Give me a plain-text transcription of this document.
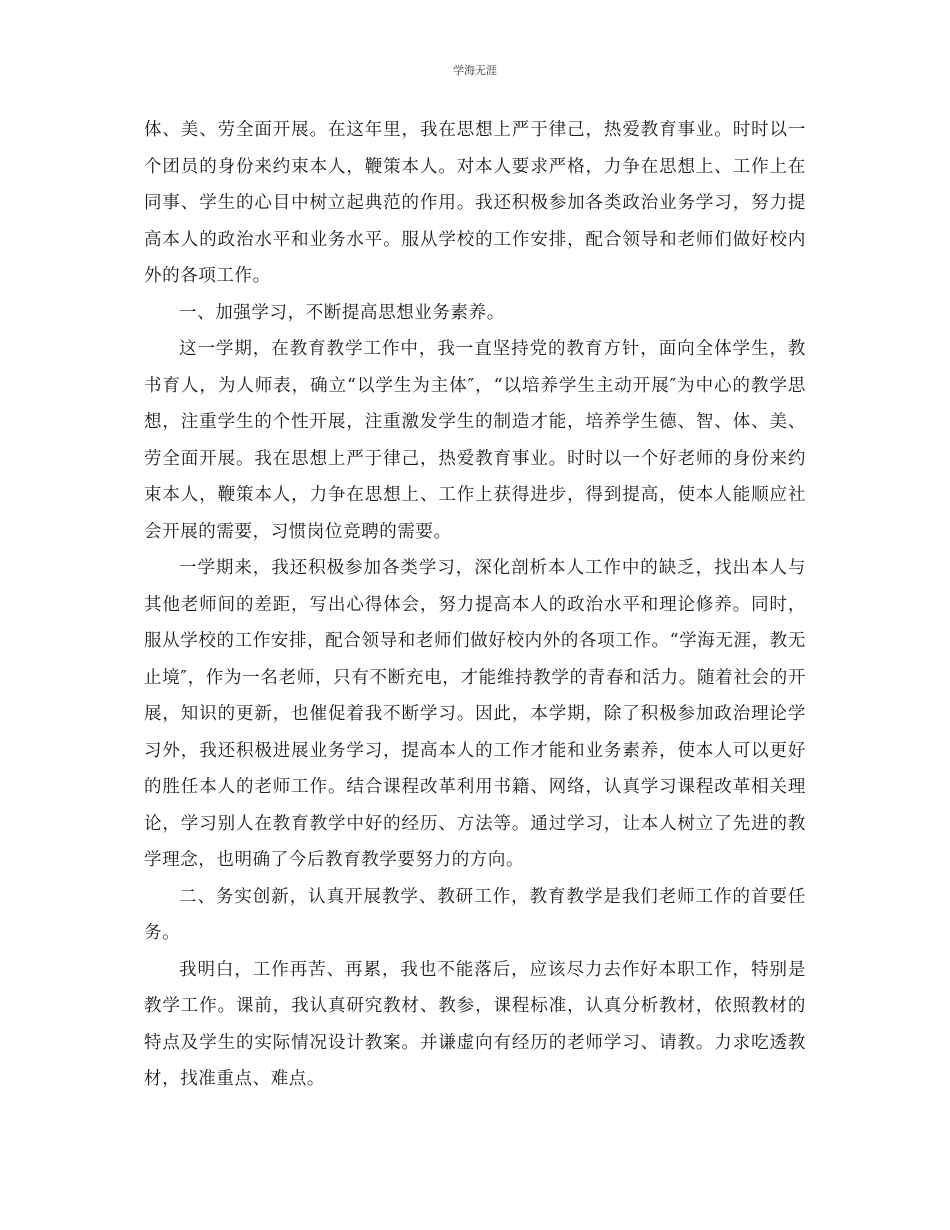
学海无涯

体、美、劳全面开展。在这年里，我在思想上严于律己，热爱教育事业。时时以一个团员的身份来约束本人，鞭策本人。对本人要求严格，力争在思想上、工作上在同事、学生的心目中树立起典范的作用。我还积极参加各类政治业务学习，努力提高本人的政治水平和业务水平。服从学校的工作安排，配合领导和老师们做好校内外的各项工作。

一、加强学习，不断提高思想业务素养。

这一学期，在教育教学工作中，我一直坚持党的教育方针，面向全体学生，教书育人，为人师表，确立“以学生为主体″，“以培养学生主动开展″为中心的教学思想，注重学生的个性开展，注重激发学生的制造才能，培养学生德、智、体、美、劳全面开展。我在思想上严于律己，热爱教育事业。时时以一个好老师的身份来约束本人，鞭策本人，力争在思想上、工作上获得进步，得到提高，使本人能顺应社会开展的需要，习惯岗位竞聘的需要。

一学期来，我还积极参加各类学习，深化剖析本人工作中的缺乏，找出本人与其他老师间的差距，写出心得体会，努力提高本人的政治水平和理论修养。同时，服从学校的工作安排，配合领导和老师们做好校内外的各项工作。“学海无涯，教无止境″，作为一名老师，只有不断充电，才能维持教学的青春和活力。随着社会的开展，知识的更新，也催促着我不断学习。因此，本学期，除了积极参加政治理论学习外，我还积极进展业务学习，提高本人的工作才能和业务素养，使本人可以更好的胜任本人的老师工作。结合课程改革利用书籍、网络，认真学习课程改革相关理论，学习别人在教育教学中好的经历、方法等。通过学习，让本人树立了先进的教学理念，也明确了今后教育教学要努力的方向。

二、务实创新，认真开展教学、教研工作，教育教学是我们老师工作的首要任务。

我明白，工作再苦、再累，我也不能落后，应该尽力去作好本职工作，特别是教学工作。课前，我认真研究教材、教参，课程标准，认真分析教材，依照教材的特点及学生的实际情况设计教案。并谦虚向有经历的老师学习、请教。力求吃透教材，找准重点、难点。
